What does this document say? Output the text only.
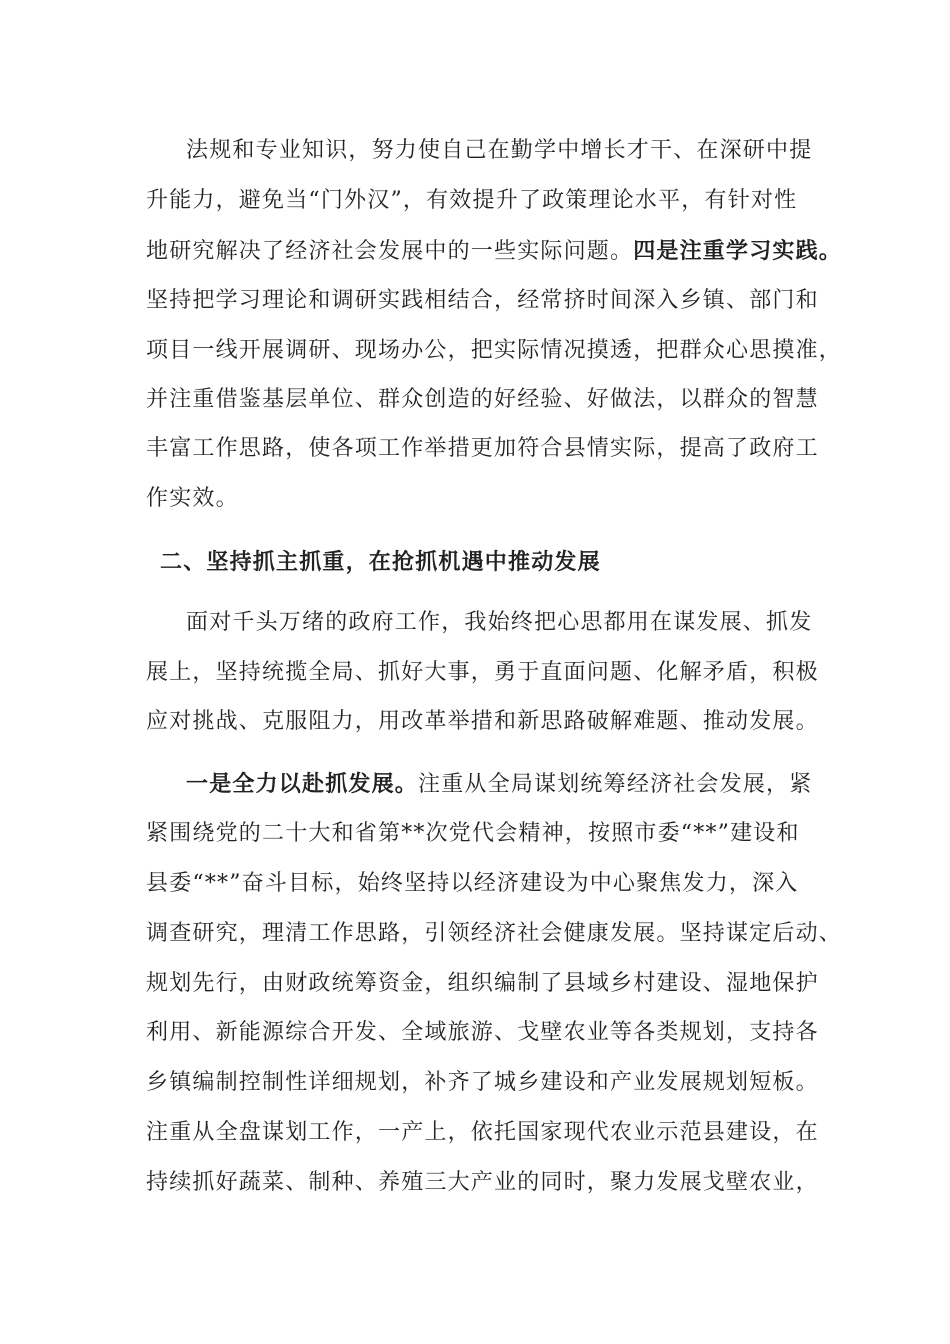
法规和专业知识，努力使自己在勤学中增长才干、在深研中提
升能力，避免当“门外汉”，有效提升了政策理论水平，有针对性
地研究解决了经济社会发展中的一些实际问题。四是注重学习实践。
坚持把学习理论和调研实践相结合，经常挤时间深入乡镇、部门和
项目一线开展调研、现场办公，把实际情况摸透，把群众心思摸准，
并注重借鉴基层单位、群众创造的好经验、好做法，以群众的智慧
丰富工作思路，使各项工作举措更加符合县情实际，提高了政府工
作实效。
二、坚持抓主抓重，在抢抓机遇中推动发展
面对千头万绪的政府工作，我始终把心思都用在谋发展、抓发
展上，坚持统揽全局、抓好大事，勇于直面问题、化解矛盾，积极
应对挑战、克服阻力，用改革举措和新思路破解难题、推动发展。
一是全力以赴抓发展。注重从全局谋划统筹经济社会发展，紧
紧围绕党的二十大和省第**次党代会精神，按照市委“**”建设和
县委“**”奋斗目标，始终坚持以经济建设为中心聚焦发力，深入
调查研究，理清工作思路，引领经济社会健康发展。坚持谋定后动、
规划先行，由财政统筹资金，组织编制了县域乡村建设、湿地保护
利用、新能源综合开发、全域旅游、戈壁农业等各类规划，支持各
乡镇编制控制性详细规划，补齐了城乡建设和产业发展规划短板。
注重从全盘谋划工作，一产上，依托国家现代农业示范县建设，在
持续抓好蔬菜、制种、养殖三大产业的同时，聚力发展戈壁农业，
